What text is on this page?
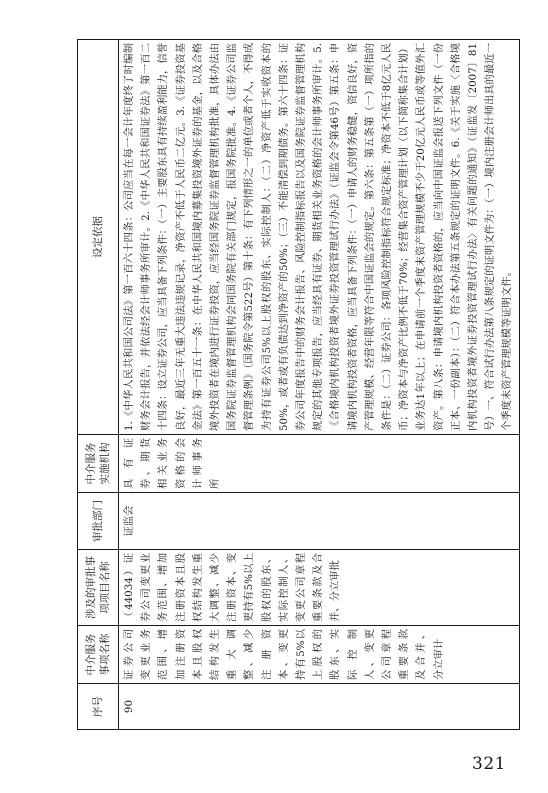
序号	中介服务事项名称	涉及的审批事项项目名称	审批部门	中介服务实施机构	设定依据
90	证券公司变更业务范围、增加注册资本且股权结构发生重大调整、减少注册资本、变更持有5%以上股权的股东、实际控制人、变更公司章程重要条款及合并、分立审计	（44034）证券公司变更业务范围、增加注册资本且股权结构发生重大调整、减少注册资本、变更持有5%以上股权的股东、实际控制人、变更公司章程重要条款及合并、分立审批	证监会	具有证券、期货相关业务资格的会计师事务所	1.《中华人民共和国公司法》第一百六十四条：公司应当在每一会计年度终了时编制财务会计报告，并依法经会计师事务所审计。2.《中华人民共和国证券法》第一百二十四条：设立证券公司，应当具备下列条件：（一）主要股东具有持续盈利能力，信誉良好，最近三年无重大违法违规记录，净资产不低于人民币二亿元。3.《证券投资基金法》第一百五十一条：在中华人民共和国境内募集投资境外证券的基金，以及合格境外投资者在境内进行证券投资，应当经国务院证券监督管理机构批准，具体办法由国务院证券监督管理机构会同国务院有关部门规定，报国务院批准。4.《证券公司监督管理条例》（国务院令第522号）第十条：有下列情形之一的单位或者个人，不得成为持有证券公司5%以上股权的股东、实际控制人：（二）净资产低于实收资本的50%，或者或有负债达到净资产的50%；（三）不能清偿到期债务。第六十四条：证券公司年度报告中的财务会计报告、风险控制指标报告以及国务院证券监督管理机构规定的其他专项报告，应当经具有证券、期货相关业务资格的会计师事务所审计。5.《合格境内机构投资者境外证券投资管理试行办法》（证监会令第46号）第五条：申请境内机构投资者资格，应当具备下列条件：（一）申请人的财务稳健，资信良好，资产管理规模、经营年限等符合中国证监会的规定。第六条：第五条第（一）项所指的条件是：（二）证券公司：各项风险控制指标符合规定标准；净资本不低于8亿元人民币；净资本与净资产比例不低于70%；经营集合资产管理计划（以下简称集合计划）业务达1年以上；在申请前一个季度末资产管理规模不少于20亿元人民币或等值外汇资产。第八条：申请境内机构投资者资格的，应当向中国证监会报送下列文件（一份正本、一份副本）：（二）符合本办法第五条规定的证明文件。6.《关于实施〈合格境内机构投资者境外证券投资管理试行办法〉有关问题的通知》（证监发〔2007〕81号）一、符合试行办法第八条规定的证明文件为：（一）境内注册会计师出具的最近一个季度末资产管理规模等证明文件。
321
